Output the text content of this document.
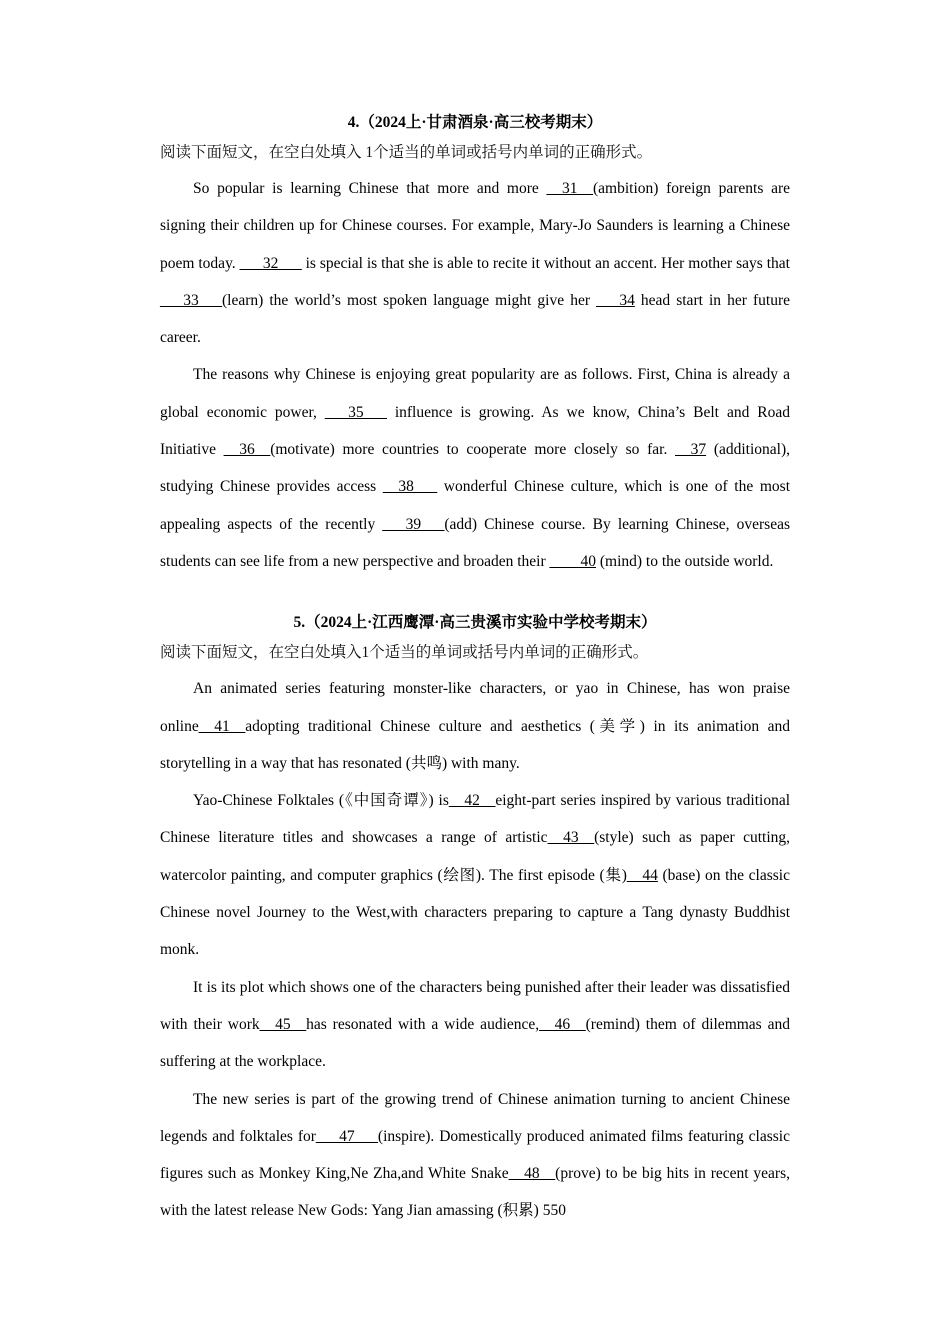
4.（2024上·甘肃酒泉·高三校考期末）

阅读下面短文，在空白处填入 1个适当的单词或括号内单词的正确形式。

So popular is learning Chinese that more and more __31__(ambition) foreign parents are signing their children up for Chinese courses. For example, Mary-Jo Saunders is learning a Chinese poem today. ___32___ is special is that she is able to recite it without an accent. Her mother says that ___33___(learn) the world’s most spoken language might give her ___34 head start in her future career.

The reasons why Chinese is enjoying great popularity are as follows. First, China is already a global economic power, ___35___ influence is growing. As we know, China’s Belt and Road Initiative __36__(motivate) more countries to cooperate more closely so far. __37 (additional), studying Chinese provides access __38___ wonderful Chinese culture, which is one of the most appealing aspects of the recently ___39___(add) Chinese course. By learning Chinese, overseas students can see life from a new perspective and broaden their ____40 (mind) to the outside world.

5.（2024上·江西鹰潭·高三贵溪市实验中学校考期末）

阅读下面短文，在空白处填入1个适当的单词或括号内单词的正确形式。

An animated series featuring monster-like characters, or yao in Chinese, has won praise online__41__adopting traditional Chinese culture and aesthetics (美学) in its animation and storytelling in a way that has resonated (共鸣) with many.

Yao-Chinese Folktales (《中国奇谭》) is__42__eight-part series inspired by various traditional Chinese literature titles and showcases a range of artistic__43__(style) such as paper cutting, watercolor painting, and computer graphics (绘图). The first episode (集)__44 (base) on the classic Chinese novel Journey to the West,with characters preparing to capture a Tang dynasty Buddhist monk.

It is its plot which shows one of the characters being punished after their leader was dissatisfied with their work__45__has resonated with a wide audience,__46__(remind) them of dilemmas and suffering at the workplace.

The new series is part of the growing trend of Chinese animation turning to ancient Chinese legends and folktales for___47___(inspire). Domestically produced animated films featuring classic figures such as Monkey King,Ne Zha,and White Snake__48__(prove) to be big hits in recent years, with the latest release New Gods: Yang Jian amassing (积累) 550
